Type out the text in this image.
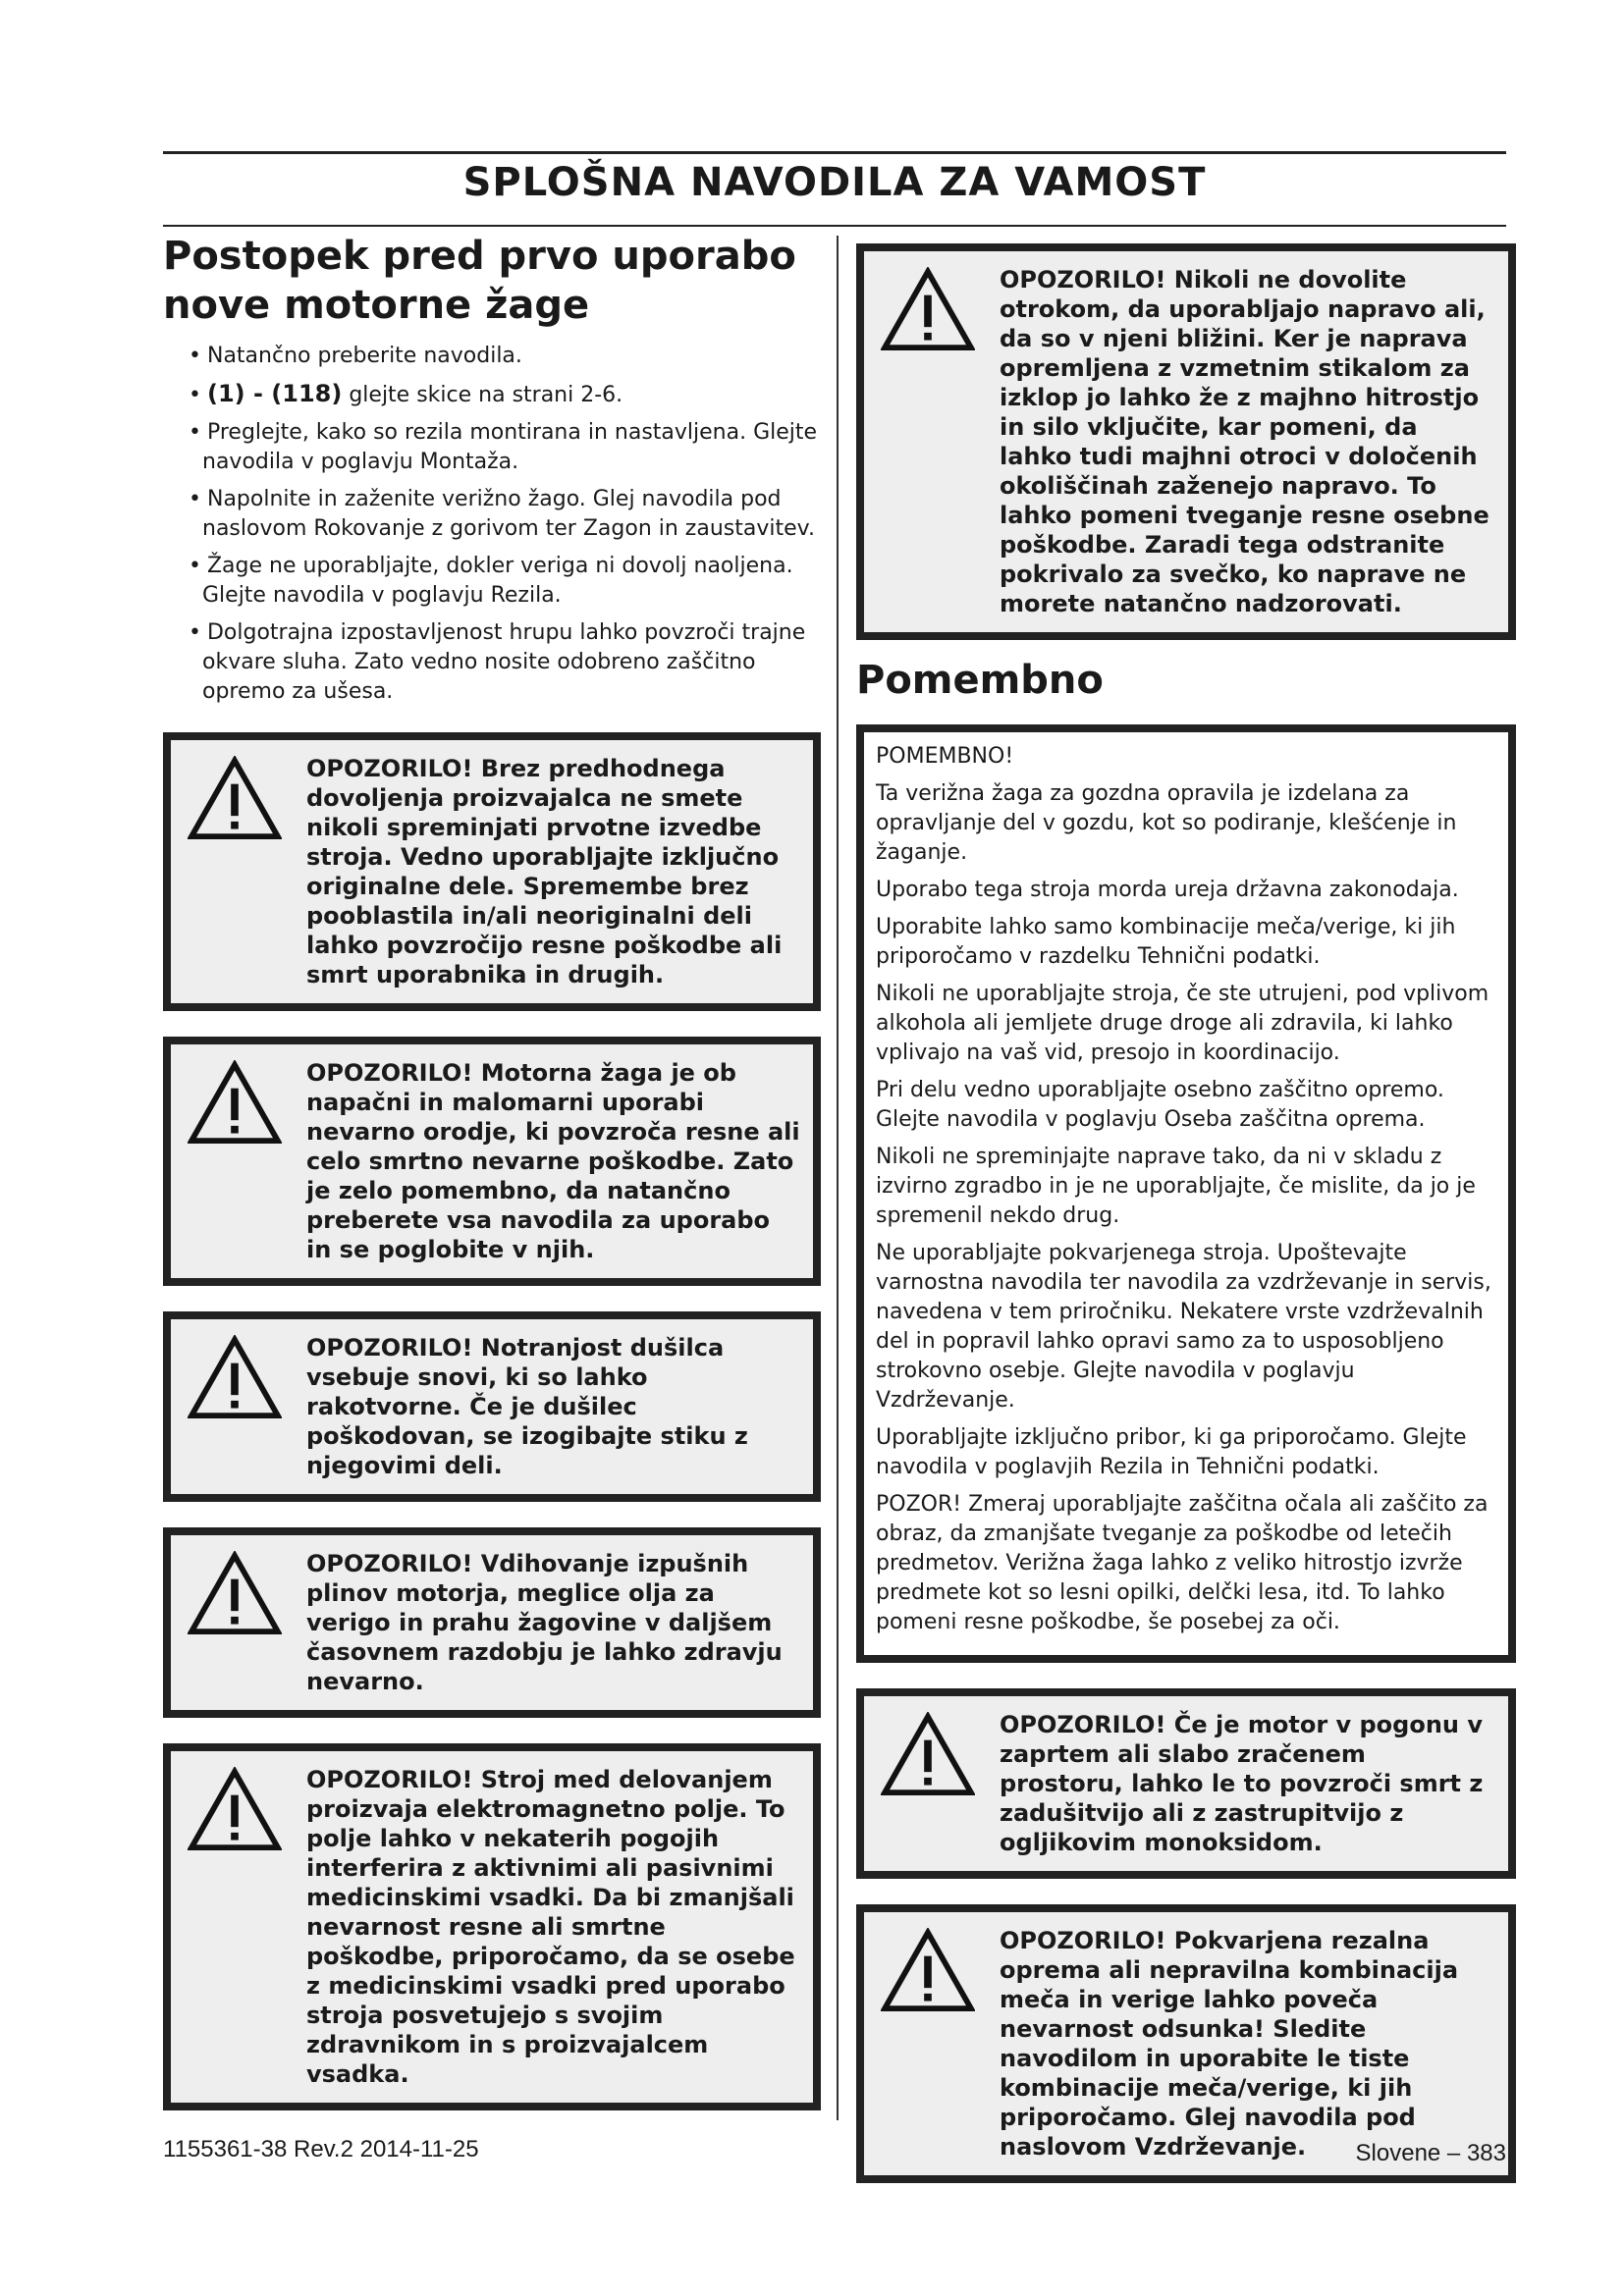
SPLOŠNA NAVODILA ZA VAMOST
Postopek pred prvo uporabo nove motorne žage
• Natančno preberite navodila.
• (1) - (118) glejte skice na strani 2-6.
• Preglejte, kako so rezila montirana in nastavljena. Glejte navodila v poglavju Montaža.
• Napolnite in zaženite verižno žago. Glej navodila pod naslovom Rokovanje z gorivom ter Zagon in zaustavitev.
• Žage ne uporabljajte, dokler veriga ni dovolj naoljena. Glejte navodila v poglavju Rezila.
• Dolgotrajna izpostavljenost hrupu lahko povzroči trajne okvare sluha. Zato vedno nosite odobreno zaščitno opremo za ušesa.
OPOZORILO! Brez predhodnega dovoljenja proizvajalca ne smete nikoli spreminjati prvotne izvedbe stroja. Vedno uporabljajte izključno originalne dele. Spremembe brez pooblastila in/ali neoriginalni deli lahko povzročijo resne poškodbe ali smrt uporabnika in drugih.
OPOZORILO! Motorna žaga je ob napačni in malomarni uporabi nevarno orodje, ki povzroča resne ali celo smrtno nevarne poškodbe. Zato je zelo pomembno, da natančno preberete vsa navodila za uporabo in se poglobite v njih.
OPOZORILO! Notranjost dušilca vsebuje snovi, ki so lahko rakotvorne. Če je dušilec poškodovan, se izogibajte stiku z njegovimi deli.
OPOZORILO! Vdihovanje izpušnih plinov motorja, meglice olja za verigo in prahu žagovine v daljšem časovnem razdobju je lahko zdravju nevarno.
OPOZORILO! Stroj med delovanjem proizvaja elektromagnetno polje. To polje lahko v nekaterih pogojih interferira z aktivnimi ali pasivnimi medicinskimi vsadki. Da bi zmanjšali nevarnost resne ali smrtne poškodbe, priporočamo, da se osebe z medicinskimi vsadki pred uporabo stroja posvetujejo s svojim zdravnikom in s proizvajalcem vsadka.
OPOZORILO! Nikoli ne dovolite otrokom, da uporabljajo napravo ali, da so v njeni bližini. Ker je naprava opremljena z vzmetnim stikalom za izklop jo lahko že z majhno hitrostjo in silo vključite, kar pomeni, da lahko tudi majhni otroci v določenih okoliščinah zaženejo napravo. To lahko pomeni tveganje resne osebne poškodbe. Zaradi tega odstranite pokrivalo za svečko, ko naprave ne morete natančno nadzorovati.
Pomembno

POMEMBNO!

Ta verižna žaga za gozdna opravila je izdelana za opravljanje del v gozdu, kot so podiranje, klešćenje in žaganje.

Uporabo tega stroja morda ureja državna zakonodaja.

Uporabite lahko samo kombinacije meča/verige, ki jih priporočamo v razdelku Tehnični podatki.

Nikoli ne uporabljajte stroja, če ste utrujeni, pod vplivom alkohola ali jemljete druge droge ali zdravila, ki lahko vplivajo na vaš vid, presojo in koordinacijo.

Pri delu vedno uporabljajte osebno zaščitno opremo. Glejte navodila v poglavju Oseba zaščitna oprema.

Nikoli ne spreminjajte naprave tako, da ni v skladu z izvirno zgradbo in je ne uporabljajte, če mislite, da jo je spremenil nekdo drug.

Ne uporabljajte pokvarjenega stroja. Upoštevajte varnostna navodila ter navodila za vzdrževanje in servis, navedena v tem priročniku. Nekatere vrste vzdrževalnih del in popravil lahko opravi samo za to usposobljeno strokovno osebje. Glejte navodila v poglavju Vzdrževanje.

Uporabljajte izključno pribor, ki ga priporočamo. Glejte navodila v poglavjih Rezila in Tehnični podatki.

POZOR! Zmeraj uporabljajte zaščitna očala ali zaščito za obraz, da zmanjšate tveganje za poškodbe od letečih predmetov. Verižna žaga lahko z veliko hitrostjo izvrže predmete kot so lesni opilki, delčki lesa, itd. To lahko pomeni resne poškodbe, še posebej za oči.

OPOZORILO! Če je motor v pogonu v zaprtem ali slabo zračenem prostoru, lahko le to povzroči smrt z zadušitvijo ali z zastrupitvijo z ogljikovim monoksidom.
OPOZORILO! Pokvarjena rezalna oprema ali nepravilna kombinacija meča in verige lahko poveča nevarnost odsunka! Sledite navodilom in uporabite le tiste kombinacije meča/verige, ki jih priporočamo. Glej navodila pod naslovom Vzdrževanje.
1155361-38 Rev.2 2014-11-25	Slovene – 383
